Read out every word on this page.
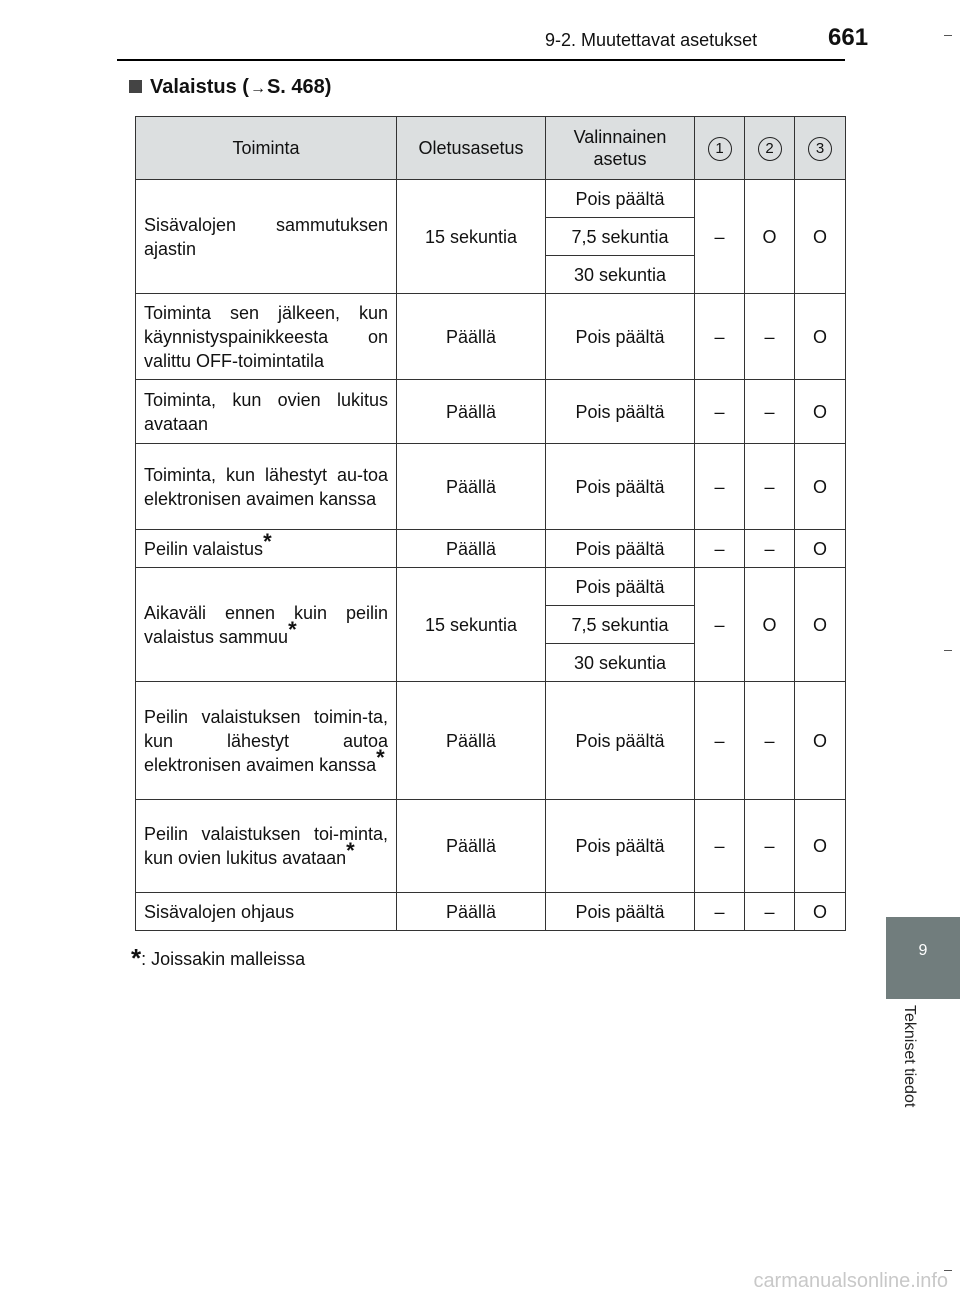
9-2. Muutettavat asetukset	661
Valaistus (→S. 468)
Toiminta	Oletusasetus	Valinnainen asetus	1	2	3
Sisävalojen sammutuksen ajastin	15 sekuntia	Pois päältä	–	O	O
		7,5 sekuntia			
		30 sekuntia			
Toiminta sen jälkeen, kun käynnistyspainikkeesta on valittu OFF-toimintatila	Päällä	Pois päältä	–	–	O
Toiminta, kun ovien lukitus avataan	Päällä	Pois päältä	–	–	O
Toiminta, kun lähestyt au-toa elektronisen avaimen kanssa	Päällä	Pois päältä	–	–	O
Peilin valaistus*	Päällä	Pois päältä	–	–	O
Aikaväli ennen kuin peilin valaistus sammuu*	15 sekuntia	Pois päältä	–	O	O
		7,5 sekuntia			
		30 sekuntia			
Peilin valaistuksen toimin-ta, kun lähestyt autoa elektronisen avaimen kanssa*	Päällä	Pois päältä	–	–	O
Peilin valaistuksen toi-minta, kun ovien lukitus avataan*	Päällä	Pois päältä	–	–	O
Sisävalojen ohjaus	Päällä	Pois päältä	–	–	O
*: Joissakin malleissa	9
Tekniset tiedot
carmanualsonline.info
